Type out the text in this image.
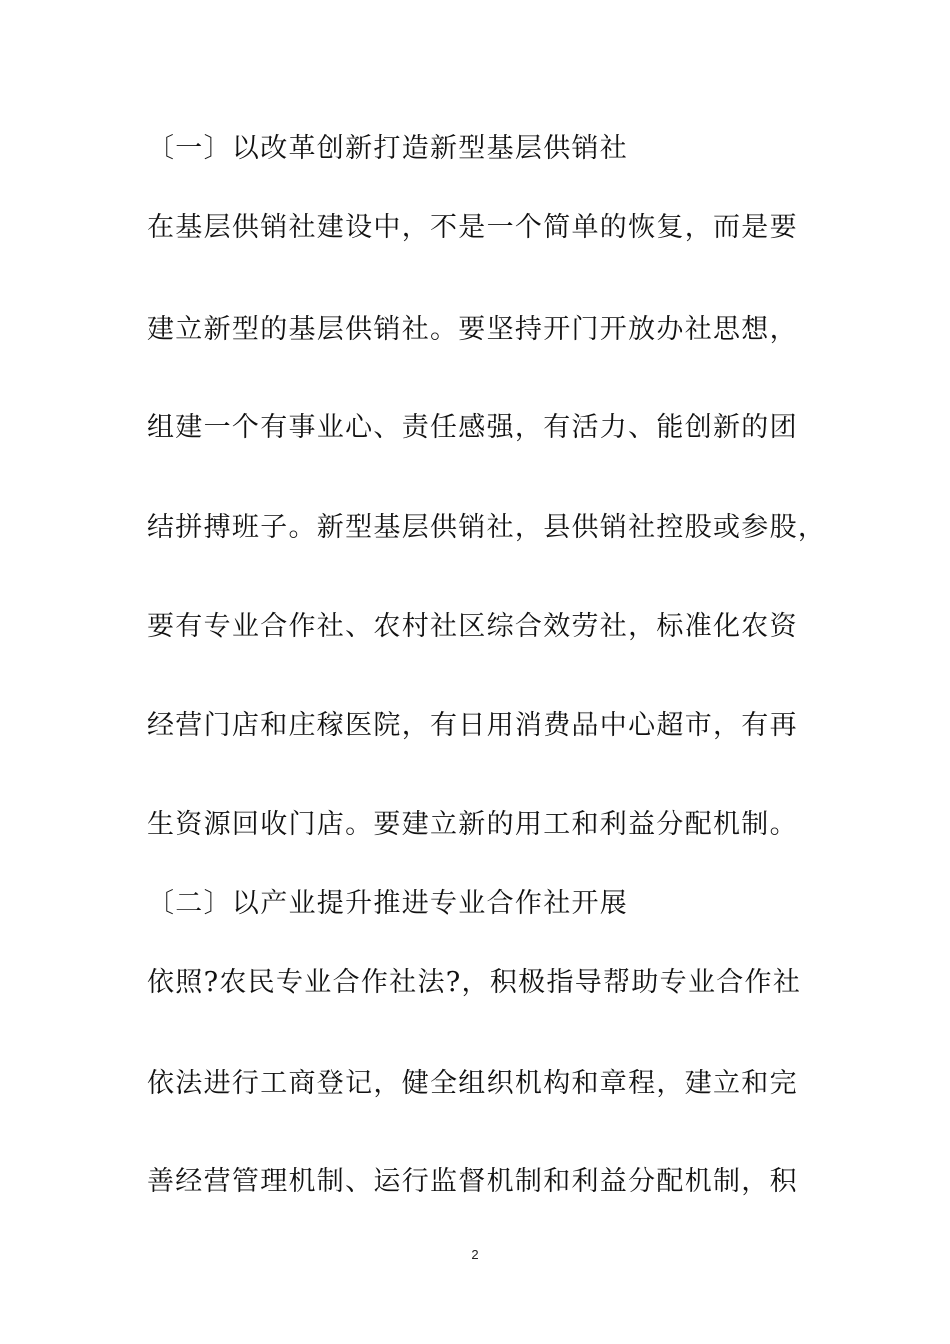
〔一〕以改革创新打造新型基层供销社
在基层供销社建设中，不是一个简单的恢复，而是要
建立新型的基层供销社。要坚持开门开放办社思想，
组建一个有事业心、责任感强，有活力、能创新的团
结拼搏班子。新型基层供销社，县供销社控股或参股，
要有专业合作社、农村社区综合效劳社，标准化农资
经营门店和庄稼医院，有日用消费品中心超市，有再
生资源回收门店。要建立新的用工和利益分配机制。
〔二〕以产业提升推进专业合作社开展
依照?农民专业合作社法?，积极指导帮助专业合作社
依法进行工商登记，健全组织机构和章程，建立和完
善经营管理机制、运行监督机制和利益分配机制，积
2
